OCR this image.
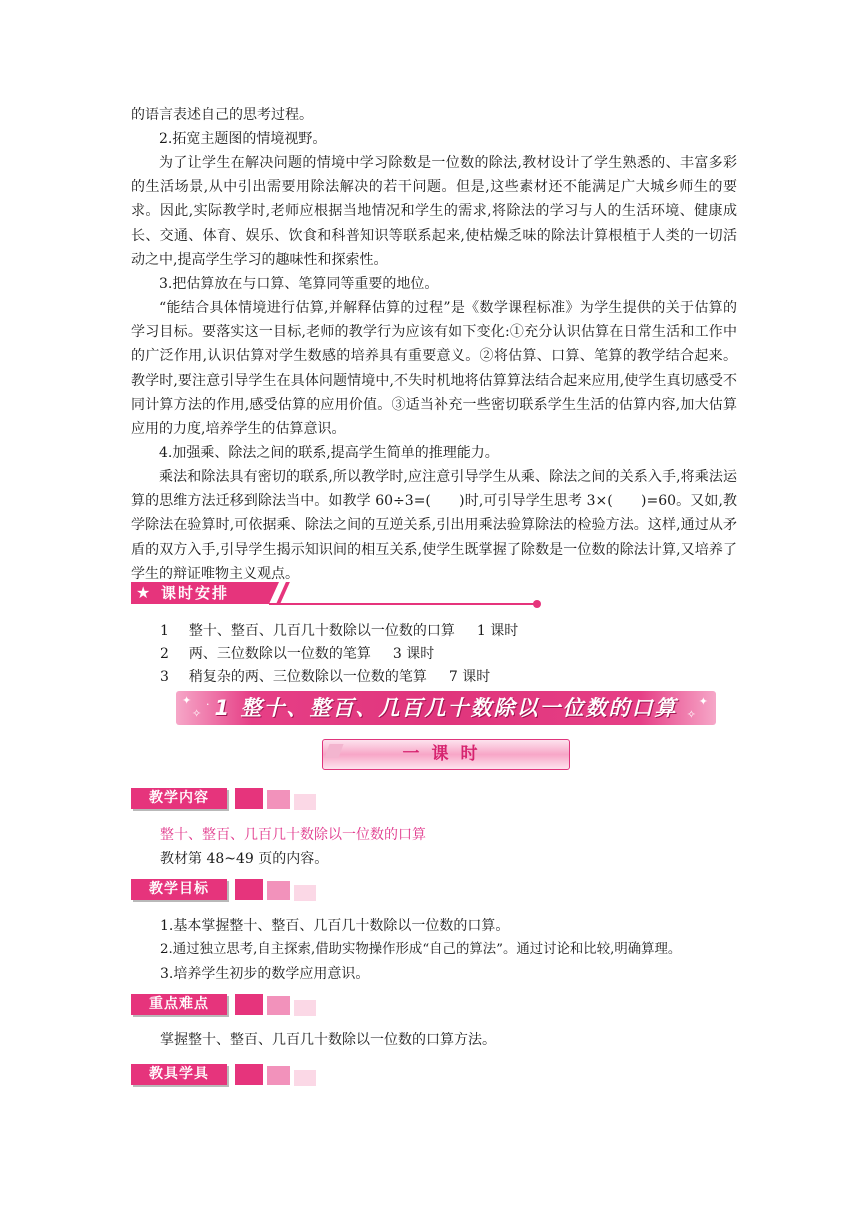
的语言表述自己的思考过程。

2.拓宽主题图的情境视野。

为了让学生在解决问题的情境中学习除数是一位数的除法,教材设计了学生熟悉的、丰富多彩的生活场景,从中引出需要用除法解决的若干问题。但是,这些素材还不能满足广大城乡师生的要求。因此,实际教学时,老师应根据当地情况和学生的需求,将除法的学习与人的生活环境、健康成长、交通、体育、娱乐、饮食和科普知识等联系起来,使枯燥乏味的除法计算根植于人类的一切活动之中,提高学生学习的趣味性和探索性。

3.把估算放在与口算、笔算同等重要的地位。

“能结合具体情境进行估算,并解释估算的过程”是《数学课程标准》为学生提供的关于估算的学习目标。要落实这一目标,老师的教学行为应该有如下变化:①充分认识估算在日常生活和工作中的广泛作用,认识估算对学生数感的培养具有重要意义。②将估算、口算、笔算的教学结合起来。教学时,要注意引导学生在具体问题情境中,不失时机地将估算算法结合起来应用,使学生真切感受不同计算方法的作用,感受估算的应用价值。③适当补充一些密切联系学生生活的估算内容,加大估算应用的力度,培养学生的估算意识。

4.加强乘、除法之间的联系,提高学生简单的推理能力。

乘法和除法具有密切的联系,所以教学时,应注意引导学生从乘、除法之间的关系入手,将乘法运算的思维方法迁移到除法当中。如教学 60÷3=(　　)时,可引导学生思考 3×(　　)=60。又如,教学除法在验算时,可依据乘、除法之间的互逆关系,引出用乘法验算除法的检验方法。这样,通过从矛盾的双方入手,引导学生揭示知识间的相互关系,使学生既掌握了除数是一位数的除法计算,又培养了学生的辩证唯物主义观点。

★ 课时安排
1 整十、整百、几百几十数除以一位数的口算 1 课时
2 两、三位数除以一位数的笔算 3 课时
3 稍复杂的两、三位数除以一位数的笔算 7 课时
✦
✧
·	✦
✧
1 整十、整百、几百几十数除以一位数的口算
一课时
教学内容
整十、整百、几百几十数除以一位数的口算
教材第 48~49 页的内容。
教学目标
1.基本掌握整十、整百、几百几十数除以一位数的口算。
2.通过独立思考,自主探索,借助实物操作形成“自己的算法”。通过讨论和比较,明确算理。
3.培养学生初步的数学应用意识。
重点难点
掌握整十、整百、几百几十数除以一位数的口算方法。
教具学具
